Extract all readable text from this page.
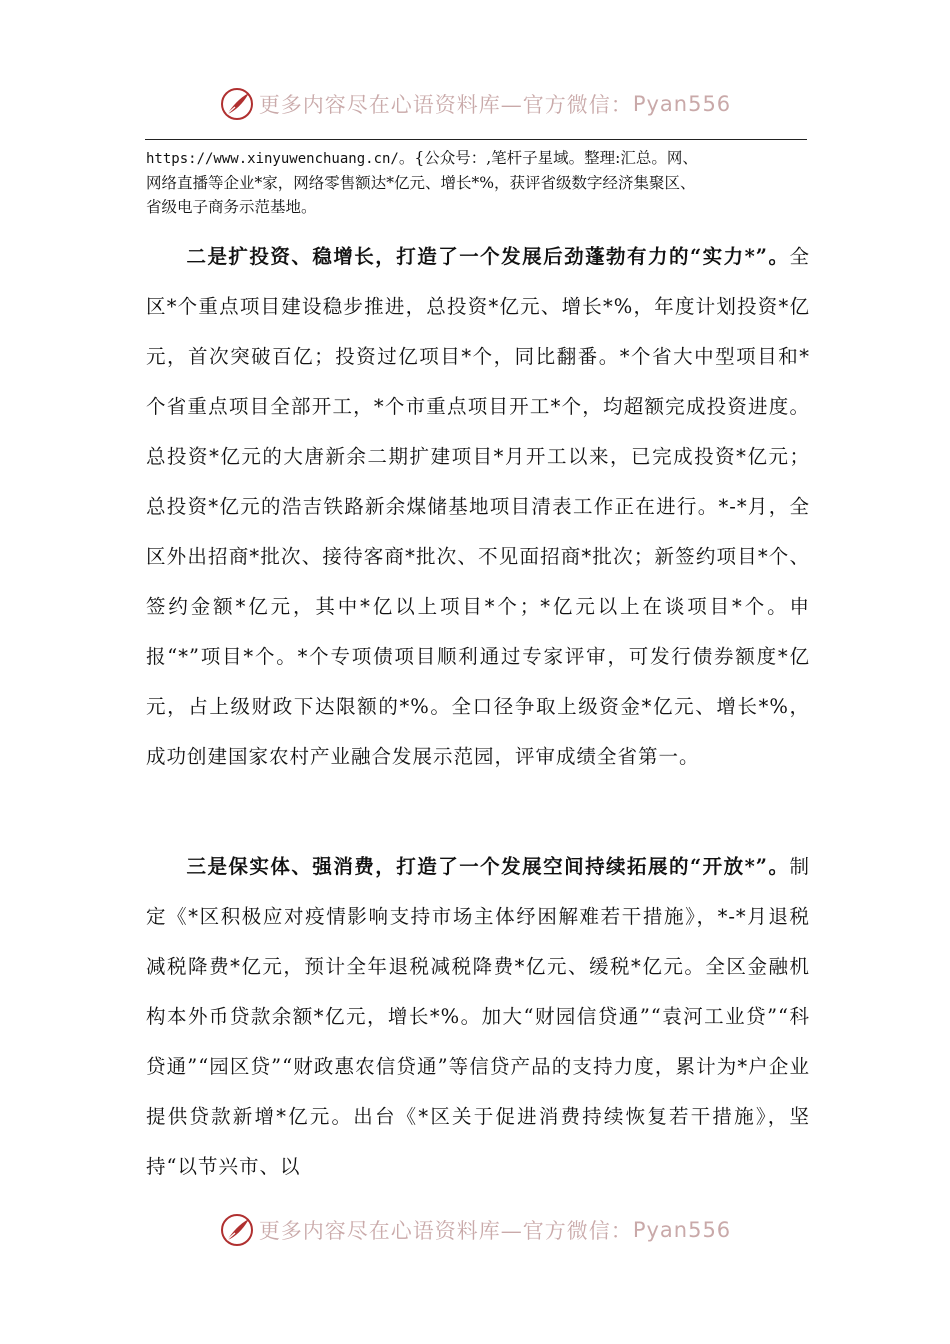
更多内容尽在心语资料库—官方微信： Pyan556
https://www.xinyuwenchuang.cn/。{公众号：,笔杆子星域。整理:汇总。网、
网络直播等企业*家，网络零售额达*亿元、增长*%，获评省级数字经济集聚区、
省级电子商务示范基地。
二是扩投资、稳增长，打造了一个发展后劲蓬勃有力的“实力*”。全区*个重点项目建设稳步推进，总投资*亿元、增长*%，年度计划投资*亿元，首次突破百亿；投资过亿项目*个，同比翻番。*个省大中型项目和*个省重点项目全部开工，*个市重点项目开工*个，均超额完成投资进度。总投资*亿元的大唐新余二期扩建项目*月开工以来，已完成投资*亿元；总投资*亿元的浩吉铁路新余煤储基地项目清表工作正在进行。*-*月，全区外出招商*批次、接待客商*批次、不见面招商*批次；新签约项目*个、签约金额*亿元，其中*亿以上项目*个；*亿元以上在谈项目*个。申报“*”项目*个。*个专项债项目顺利通过专家评审，可发行债券额度*亿元，占上级财政下达限额的*%。全口径争取上级资金*亿元、增长*%，成功创建国家农村产业融合发展示范园，评审成绩全省第一。
三是保实体、强消费，打造了一个发展空间持续拓展的“开放*”。制定《*区积极应对疫情影响支持市场主体纾困解难若干措施》，*-*月退税减税降费*亿元，预计全年退税减税降费*亿元、缓税*亿元。全区金融机构本外币贷款余额*亿元，增长*%。加大“财园信贷通”“袁河工业贷”“科贷通”“园区贷”“财政惠农信贷通”等信贷产品的支持力度，累计为*户企业提供贷款新增*亿元。出台《*区关于促进消费持续恢复若干措施》，坚持“以节兴市、以
更多内容尽在心语资料库—官方微信： Pyan556
